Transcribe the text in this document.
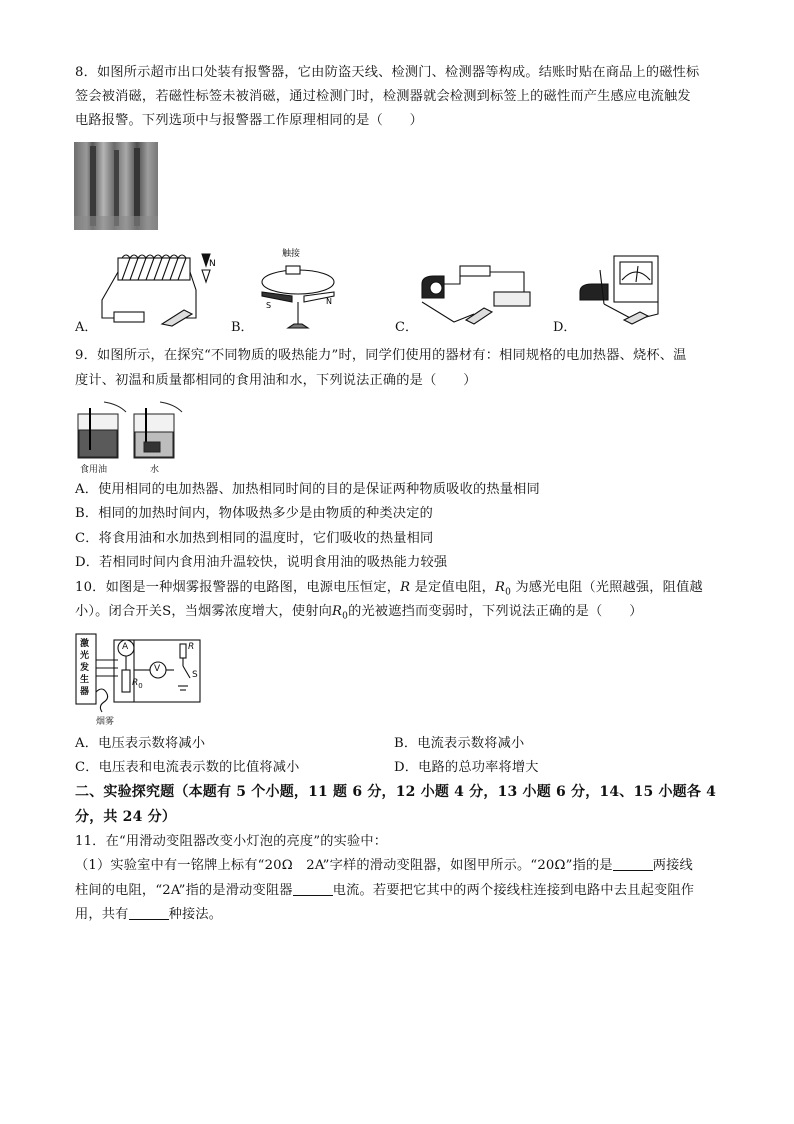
8．如图所示超市出口处装有报警器，它由防盗天线、检测门、检测器等构成。结账时贴在商品上的磁性标
签会被消磁，若磁性标签未被消磁，通过检测门时，检测器就会检测到标签上的磁性而产生感应电流触发
电路报警。下列选项中与报警器工作原理相同的是（　　）
A．
N
B．
触接
S	N
C．	D．
9．如图所示，在探究“不同物质的吸热能力”时，同学们使用的器材有：相同规格的电加热器、烧杯、温
度计、初温和质量都相同的食用油和水，下列说法正确的是（　　）
食用油	水
A．使用相同的电加热器、加热相同时间的目的是保证两种物质吸收的热量相同
B．相同的加热时间内，物体吸热多少是由物质的种类决定的
C．将食用油和水加热到相同的温度时，它们吸收的热量相同
D．若相同时间内食用油升温较快，说明食用油的吸热能力较强
10．如图是一种烟雾报警器的电路图，电源电压恒定，R 是定值电阻，$R_0$ 为感光电阻（光照越强，阻值越
小）。闭合开关S，当烟雾浓度增大，使射向$R_0$的光被遮挡而变弱时，下列说法正确的是（　　）
激
光
发
生
器
A
V
R
S
$R_0$
烟雾
A．电压表示数将减小	B．电流表示数将减小
C．电压表和电流表示数的比值将减小	D．电路的总功率将增大
二、实验探究题（本题有 5 个小题，11 题 6 分，12 小题 4 分，13 小题 6 分，14、15 小题各 4
分，共 24 分）
11．在“用滑动变阻器改变小灯泡的亮度”的实验中：
（1）实验室中有一铭牌上标有“20Ω　2A”字样的滑动变阻器，如图甲所示。“20Ω”指的是	两接线
柱间的电阻，“2A”指的是滑动变阻器	电流。若要把它其中的两个接线柱连接到电路中去且起变阻作
用，共有	种接法。
